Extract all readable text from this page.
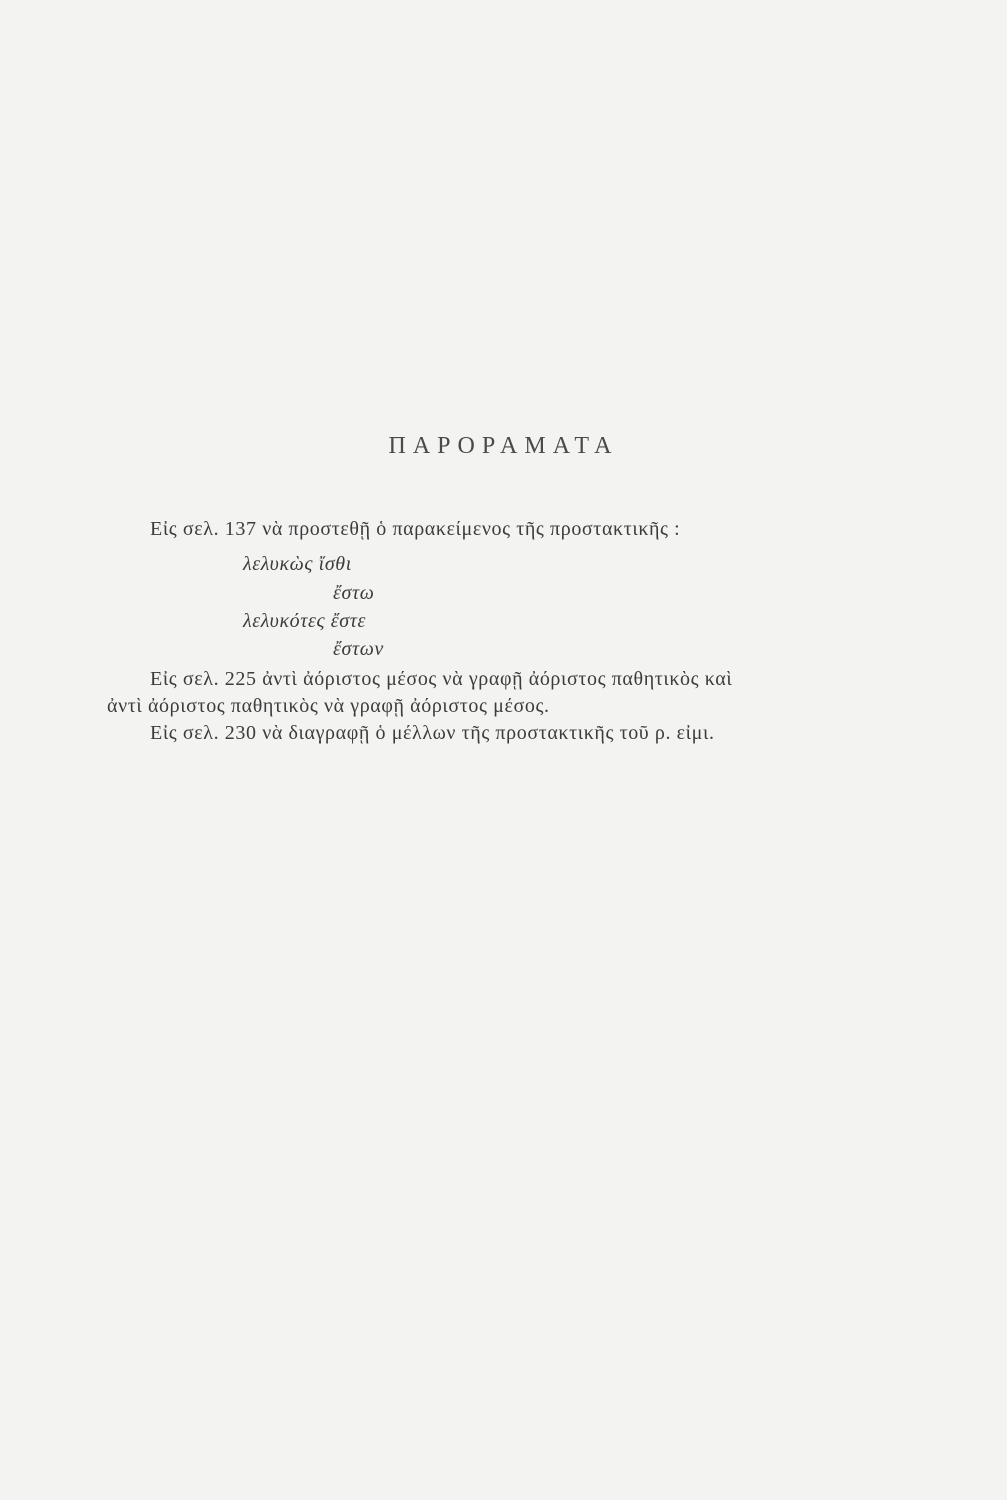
ΠΑΡΟΡΑΜΑΤΑ
Εἰς σελ. 137 νὰ προστεθῇ ὁ παρακείμενος τῆς προστακτικῆς :
λελυκὼς ἴσθι
ἔστω
λελυκότες ἔστε
ἔστων
Εἰς σελ. 225 ἀντὶ ἀόριστος μέσος νὰ γραφῇ ἀόριστος παθητικὸς καὶ
ἀντὶ ἀόριστος παθητικὸς νὰ γραφῇ ἀόριστος μέσος.
Εἰς σελ. 230 νὰ διαγραφῇ ὁ μέλλων τῆς προστακτικῆς τοῦ ρ. εἰμι.
